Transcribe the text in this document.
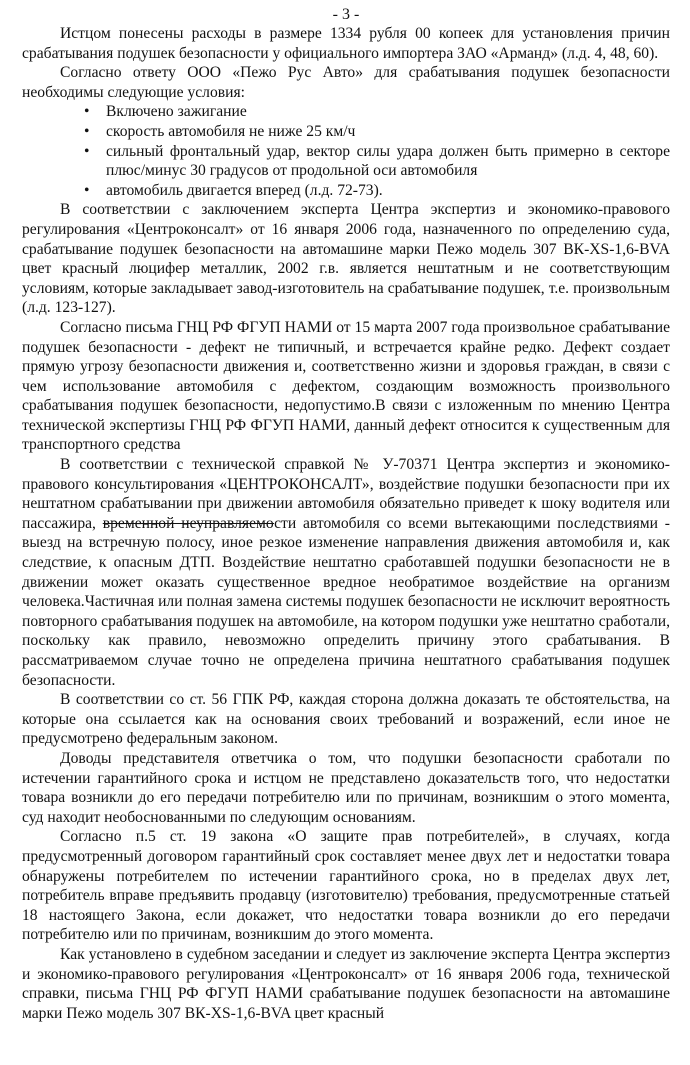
- 3 -

Истцом понесены расходы в размере 1334 рубля 00 копеек для установления причин срабатывания подушек безопасности у официального импортера ЗАО «Арманд» (л.д. 4, 48, 60).

Согласно ответу ООО «Пежо Рус Авто» для срабатывания подушек безопасности необходимы следующие условия:

• Включено зажигание
• скорость автомобиля не ниже 25 км/ч
• сильный фронтальный удар, вектор силы удара должен быть примерно в секторе плюс/минус 30 градусов от продольной оси автомобиля
• автомобиль двигается вперед (л.д. 72-73).

В соответствии с заключением эксперта Центра экспертиз и экономико-правового регулирования «Центроконсалт» от 16 января 2006 года, назначенного по определению суда, срабатывание подушек безопасности на автомашине марки Пежо модель 307 ВК-XS-1,6-BVA цвет красный люцифер металлик, 2002 г.в. является нештатным и не соответствующим условиям, которые закладывает завод-изготовитель на срабатывание подушек, т.е. произвольным (л.д. 123-127).

Согласно письма ГНЦ РФ ФГУП НАМИ от 15 марта 2007 года произвольное срабатывание подушек безопасности - дефект не типичный, и встречается крайне редко. Дефект создает прямую угрозу безопасности движения и, соответственно жизни и здоровья граждан, в связи с чем использование автомобиля с дефектом, создающим возможность произвольного срабатывания подушек безопасности, недопустимо.В связи с изложенным по мнению Центра технической экспертизы ГНЦ РФ ФГУП НАМИ, данный дефект относится к существенным для транспортного средства

В соответствии с технической справкой № У-70371 Центра экспертиз и экономико-правового консультирования «ЦЕНТРОКОНСАЛТ», воздействие подушки безопасности при их нештатном срабатывании при движении автомобиля обязательно приведет к шоку водителя или пассажира, временной неуправляемости автомобиля со всеми вытекающими последствиями - выезд на встречную полосу, иное резкое изменение направления движения автомобиля и, как следствие, к опасным ДТП. Воздействие нештатно сработавшей подушки безопасности не в движении может оказать существенное вредное необратимое воздействие на организм человека.Частичная или полная замена системы подушек безопасности не исключит вероятность повторного срабатывания подушек на автомобиле, на котором подушки уже нештатно сработали, поскольку как правило, невозможно определить причину этого срабатывания. В рассматриваемом случае точно не определена причина нештатного срабатывания подушек безопасности.

В соответствии со ст. 56 ГПК РФ, каждая сторона должна доказать те обстоятельства, на которые она ссылается как на основания своих требований и возражений, если иное не предусмотрено федеральным законом.

Доводы представителя ответчика о том, что подушки безопасности сработали по истечении гарантийного срока и истцом не представлено доказательств того, что недостатки товара возникли до его передачи потребителю или по причинам, возникшим о этого момента, суд находит необоснованными по следующим основаниям.

Согласно п.5 ст. 19 закона «О защите прав потребителей», в случаях, когда предусмотренный договором гарантийный срок составляет менее двух лет и недостатки товара обнаружены потребителем по истечении гарантийного срока, но в пределах двух лет, потребитель вправе предъявить продавцу (изготовителю) требования, предусмотренные статьей 18 настоящего Закона, если докажет, что недостатки товара возникли до его передачи потребителю или по причинам, возникшим до этого момента.

Как установлено в судебном заседании и следует из заключение эксперта Центра экспертиз и экономико-правового регулирования «Центроконсалт» от 16 января 2006 года, технической справки, письма ГНЦ РФ ФГУП НАМИ срабатывание подушек безопасности на автомашине марки Пежо модель 307 ВК-XS-1,6-BVA цвет красный
